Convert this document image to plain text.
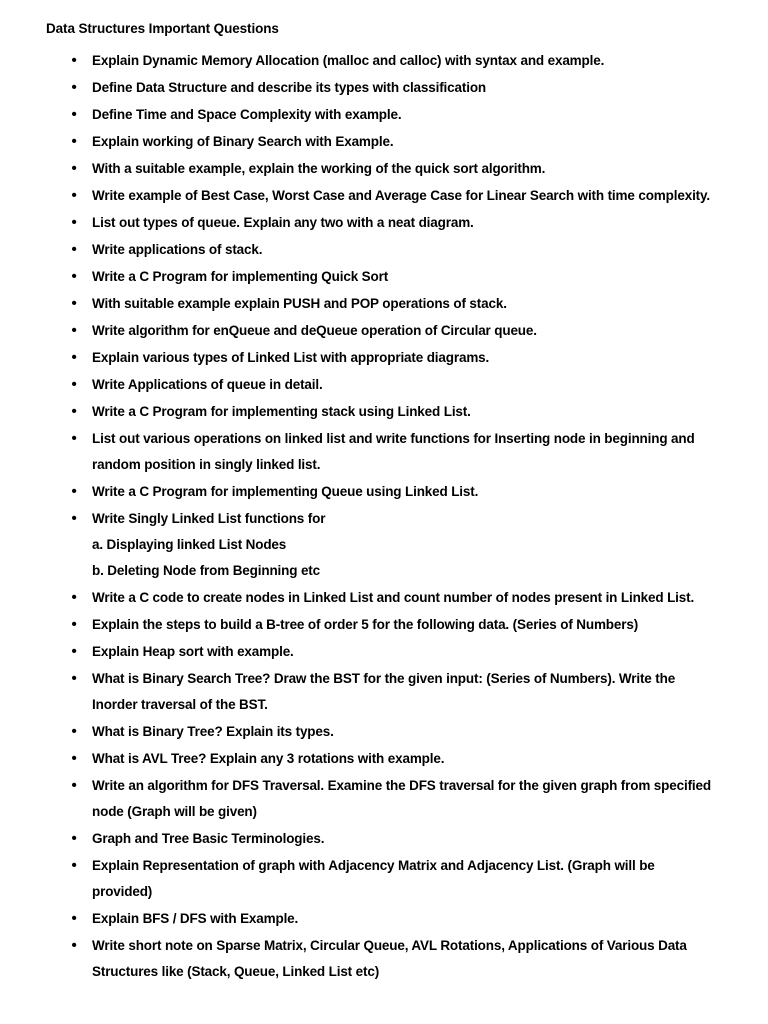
Data Structures Important Questions
•
Explain Dynamic Memory Allocation (malloc and calloc) with syntax and example.
•
Define Data Structure and describe its types with classification
•
Define Time and Space Complexity with example.
•
Explain working of Binary Search with Example.
•
With a suitable example, explain the working of the quick sort algorithm.
•
Write example of Best Case, Worst Case and Average Case for Linear Search with time complexity.
•
List out types of queue. Explain any two with a neat diagram.
•
Write applications of stack.
•
Write a C Program for implementing Quick Sort
•
With suitable example explain PUSH and POP operations of stack.
•
Write algorithm for enQueue and deQueue operation of Circular queue.
•
Explain various types of Linked List with appropriate diagrams.
•
Write Applications of queue in detail.
•
Write a C Program for implementing stack using Linked List.
•
List out various operations on linked list and write functions for Inserting node in beginning and
random position in singly linked list.
•
Write a C Program for implementing Queue using Linked List.
•
Write Singly Linked List functions for
a. Displaying linked List Nodes
b. Deleting Node from Beginning etc
•
Write a C code to create nodes in Linked List and count number of nodes present in Linked List.
•
Explain the steps to build a B-tree of order 5 for the following data. (Series of Numbers)
•
Explain Heap sort with example.
•
What is Binary Search Tree? Draw the BST for the given input: (Series of Numbers). Write the
Inorder traversal of the BST.
•
What is Binary Tree? Explain its types.
•
What is AVL Tree? Explain any 3 rotations with example.
•
Write an algorithm for DFS Traversal. Examine the DFS traversal for the given graph from specified
node (Graph will be given)
•
Graph and Tree Basic Terminologies.
•
Explain Representation of graph with Adjacency Matrix and Adjacency List. (Graph will be
provided)
•
Explain BFS / DFS with Example.
•
Write short note on Sparse Matrix, Circular Queue, AVL Rotations, Applications of Various Data
Structures like (Stack, Queue, Linked List etc)
